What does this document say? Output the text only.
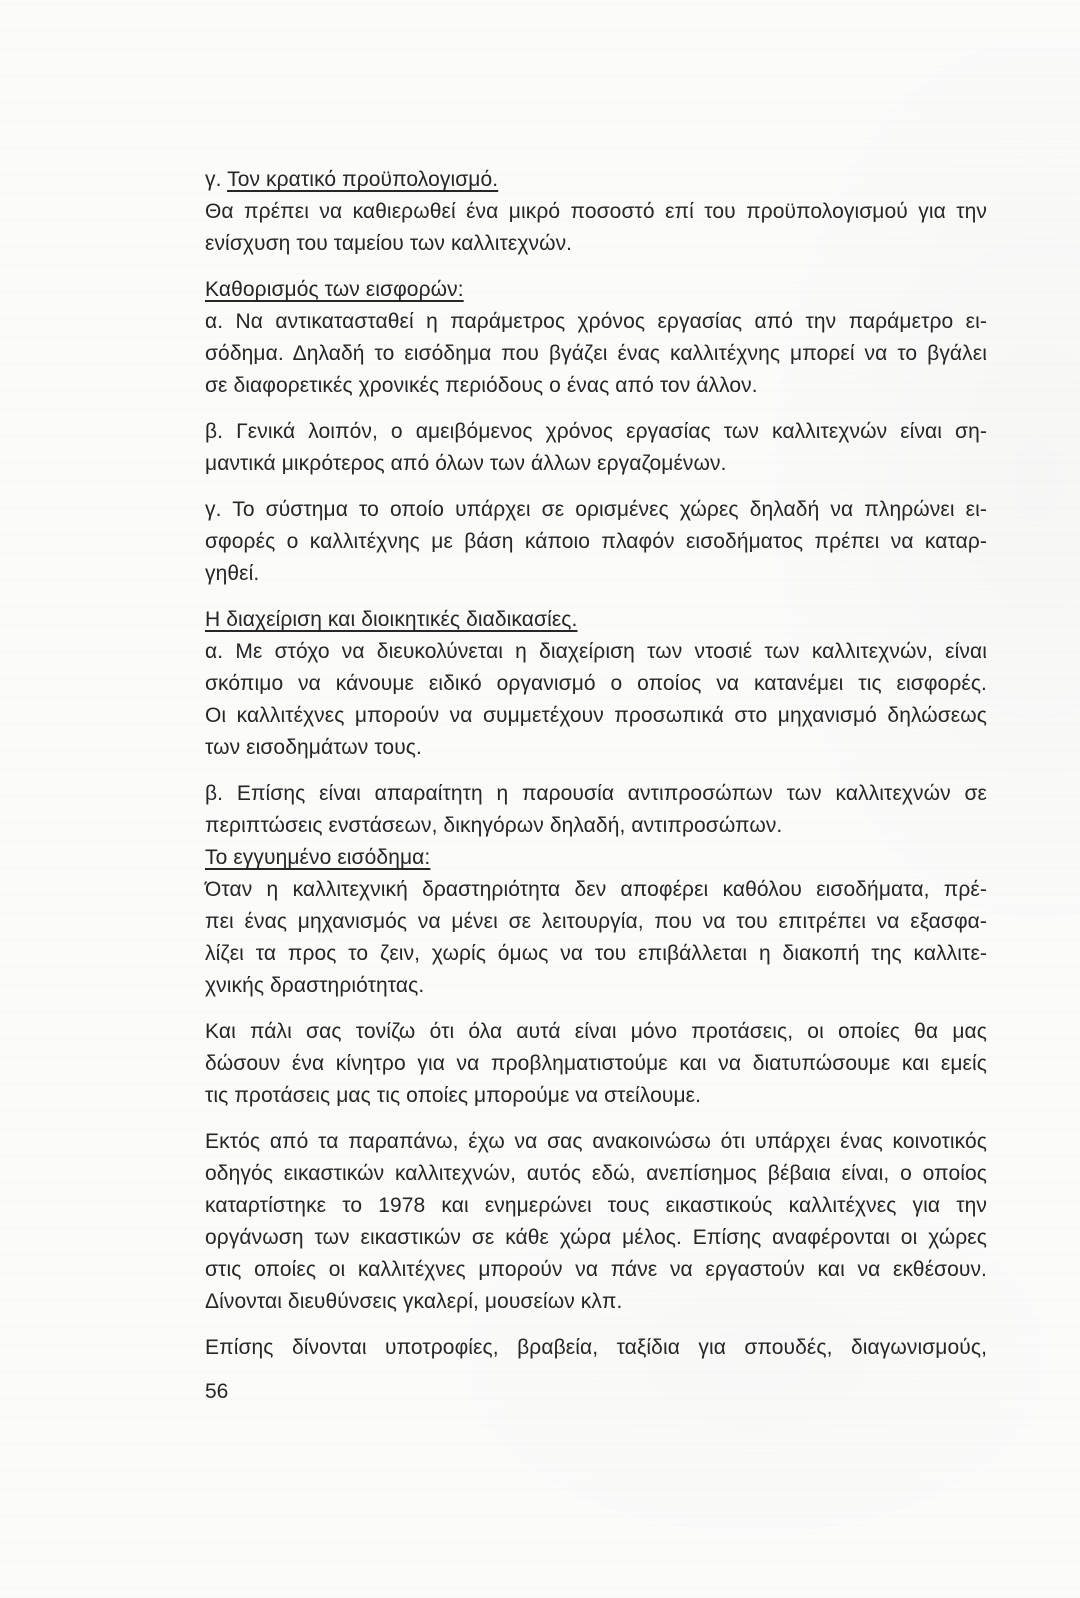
γ. Τον κρατικό προϋπολογισμό.
Θα πρέπει να καθιερωθεί ένα μικρό ποσοστό επί του προϋπολογισμού για την
ενίσχυση του ταμείου των καλλιτεχνών.
Καθορισμός των εισφορών:
α. Να αντικατασταθεί η παράμετρος χρόνος εργασίας από την παράμετρο ει-
σόδημα. Δηλαδή το εισόδημα που βγάζει ένας καλλιτέχνης μπορεί να το βγάλει
σε διαφορετικές χρονικές περιόδους ο ένας από τον άλλον.
β. Γενικά λοιπόν, ο αμειβόμενος χρόνος εργασίας των καλλιτεχνών είναι ση-
μαντικά μικρότερος από όλων των άλλων εργαζομένων.
γ. Το σύστημα το οποίο υπάρχει σε ορισμένες χώρες δηλαδή να πληρώνει ει-
σφορές ο καλλιτέχνης με βάση κάποιο πλαφόν εισοδήματος πρέπει να καταρ-
γηθεί.
Η διαχείριση και διοικητικές διαδικασίες.
α. Με στόχο να διευκολύνεται η διαχείριση των ντοσιέ των καλλιτεχνών, είναι
σκόπιμο να κάνουμε ειδικό οργανισμό ο οποίος να κατανέμει τις εισφορές.
Οι καλλιτέχνες μπορούν να συμμετέχουν προσωπικά στο μηχανισμό δηλώσεως
των εισοδημάτων τους.
β. Επίσης είναι απαραίτητη η παρουσία αντιπροσώπων των καλλιτεχνών σε
περιπτώσεις ενστάσεων, δικηγόρων δηλαδή, αντιπροσώπων.
Το εγγυημένο εισόδημα:
Όταν η καλλιτεχνική δραστηριότητα δεν αποφέρει καθόλου εισοδήματα, πρέ-
πει ένας μηχανισμός να μένει σε λειτουργία, που να του επιτρέπει να εξασφα-
λίζει τα προς το ζειν, χωρίς όμως να του επιβάλλεται η διακοπή της καλλιτε-
χνικής δραστηριότητας.
Και πάλι σας τονίζω ότι όλα αυτά είναι μόνο προτάσεις, οι οποίες θα μας
δώσουν ένα κίνητρο για να προβληματιστούμε και να διατυπώσουμε και εμείς
τις προτάσεις μας τις οποίες μπορούμε να στείλουμε.
Εκτός από τα παραπάνω, έχω να σας ανακοινώσω ότι υπάρχει ένας κοινοτικός
οδηγός εικαστικών καλλιτεχνών, αυτός εδώ, ανεπίσημος βέβαια είναι, ο οποίος
καταρτίστηκε το 1978 και ενημερώνει τους εικαστικούς καλλιτέχνες για την
οργάνωση των εικαστικών σε κάθε χώρα μέλος. Επίσης αναφέρονται οι χώρες
στις οποίες οι καλλιτέχνες μπορούν να πάνε να εργαστούν και να εκθέσουν.
Δίνονται διευθύνσεις γκαλερί, μουσείων κλπ.
Επίσης δίνονται υποτροφίες, βραβεία, ταξίδια για σπουδές, διαγωνισμούς,
56
